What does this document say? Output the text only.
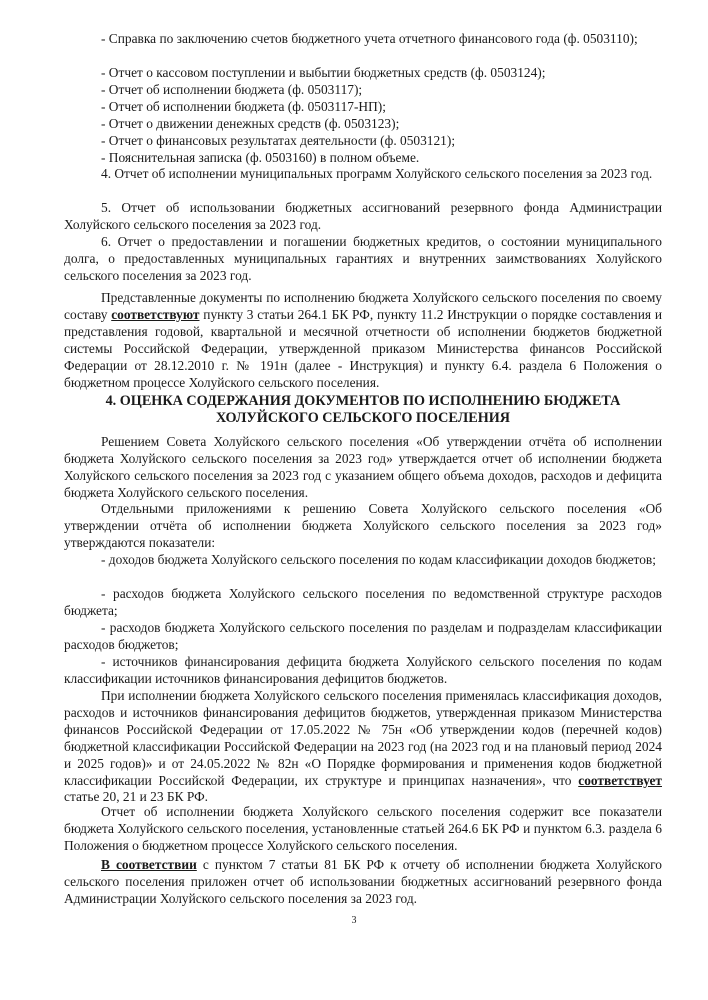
- Справка по заключению счетов бюджетного учета отчетного финансового года (ф. 0503110);

- Отчет о кассовом поступлении и выбытии бюджетных средств (ф. 0503124);
- Отчет об исполнении бюджета (ф. 0503117);
- Отчет об исполнении бюджета (ф. 0503117-НП);
- Отчет о движении денежных средств (ф. 0503123);
- Отчет о финансовых результатах деятельности (ф. 0503121);
- Пояснительная записка (ф. 0503160) в полном объеме.

4. Отчет об исполнении муниципальных программ Холуйского сельского поселения за 2023 год.

5. Отчет об использовании бюджетных ассигнований резервного фонда Администрации Холуйского сельского поселения за 2023 год.

6. Отчет о предоставлении и погашении бюджетных кредитов, о состоянии муниципального долга, о предоставленных муниципальных гарантиях и внутренних заимствованиях Холуйского сельского поселения за 2023 год.

Представленные документы по исполнению бюджета Холуйского сельского поселения по своему составу соответствуют пункту 3 статьи 264.1 БК РФ, пункту 11.2 Инструкции о порядке составления и представления годовой, квартальной и месячной отчетности об исполнении бюджетов бюджетной системы Российской Федерации, утвержденной приказом Министерства финансов Российской Федерации от 28.12.2010 г. № 191н (далее - Инструкция) и пункту 6.4. раздела 6 Положения о бюджетном процессе Холуйского сельского поселения.

4. ОЦЕНКА СОДЕРЖАНИЯ ДОКУМЕНТОВ ПО ИСПОЛНЕНИЮ БЮДЖЕТА
ХОЛУЙСКОГО СЕЛЬСКОГО ПОСЕЛЕНИЯ

Решением Совета Холуйского сельского поселения «Об утверждении отчёта об исполнении бюджета Холуйского сельского поселения за 2023 год» утверждается отчет об исполнении бюджета Холуйского сельского поселения за 2023 год с указанием общего объема доходов, расходов и дефицита бюджета Холуйского сельского поселения.

Отдельными приложениями к решению Совета Холуйского сельского поселения «Об утверждении отчёта об исполнении бюджета Холуйского сельского поселения за 2023 год» утверждаются показатели:

- доходов бюджета Холуйского сельского поселения по кодам классификации доходов бюджетов;

- расходов бюджета Холуйского сельского поселения по ведомственной структуре расходов бюджета;

- расходов бюджета Холуйского сельского поселения по разделам и подразделам классификации расходов бюджетов;

- источников финансирования дефицита бюджета Холуйского сельского поселения по кодам классификации источников финансирования дефицитов бюджетов.

При исполнении бюджета Холуйского сельского поселения применялась классификация доходов, расходов и источников финансирования дефицитов бюджетов, утвержденная приказом Министерства финансов Российской Федерации от 17.05.2022 № 75н «Об утверждении кодов (перечней кодов) бюджетной классификации Российской Федерации на 2023 год (на 2023 год и на плановый период 2024 и 2025 годов)» и от 24.05.2022 № 82н «О Порядке формирования и применения кодов бюджетной классификации Российской Федерации, их структуре и принципах назначения», что соответствует статье 20, 21 и 23 БК РФ.

Отчет об исполнении бюджета Холуйского сельского поселения содержит все показатели бюджета Холуйского сельского поселения, установленные статьей 264.6 БК РФ и пунктом 6.3. раздела 6 Положения о бюджетном процессе Холуйского сельского поселения.

В соответствии с пунктом 7 статьи 81 БК РФ к отчету об исполнении бюджета Холуйского сельского поселения приложен отчет об использовании бюджетных ассигнований резервного фонда Администрации Холуйского сельского поселения за 2023 год.

3
